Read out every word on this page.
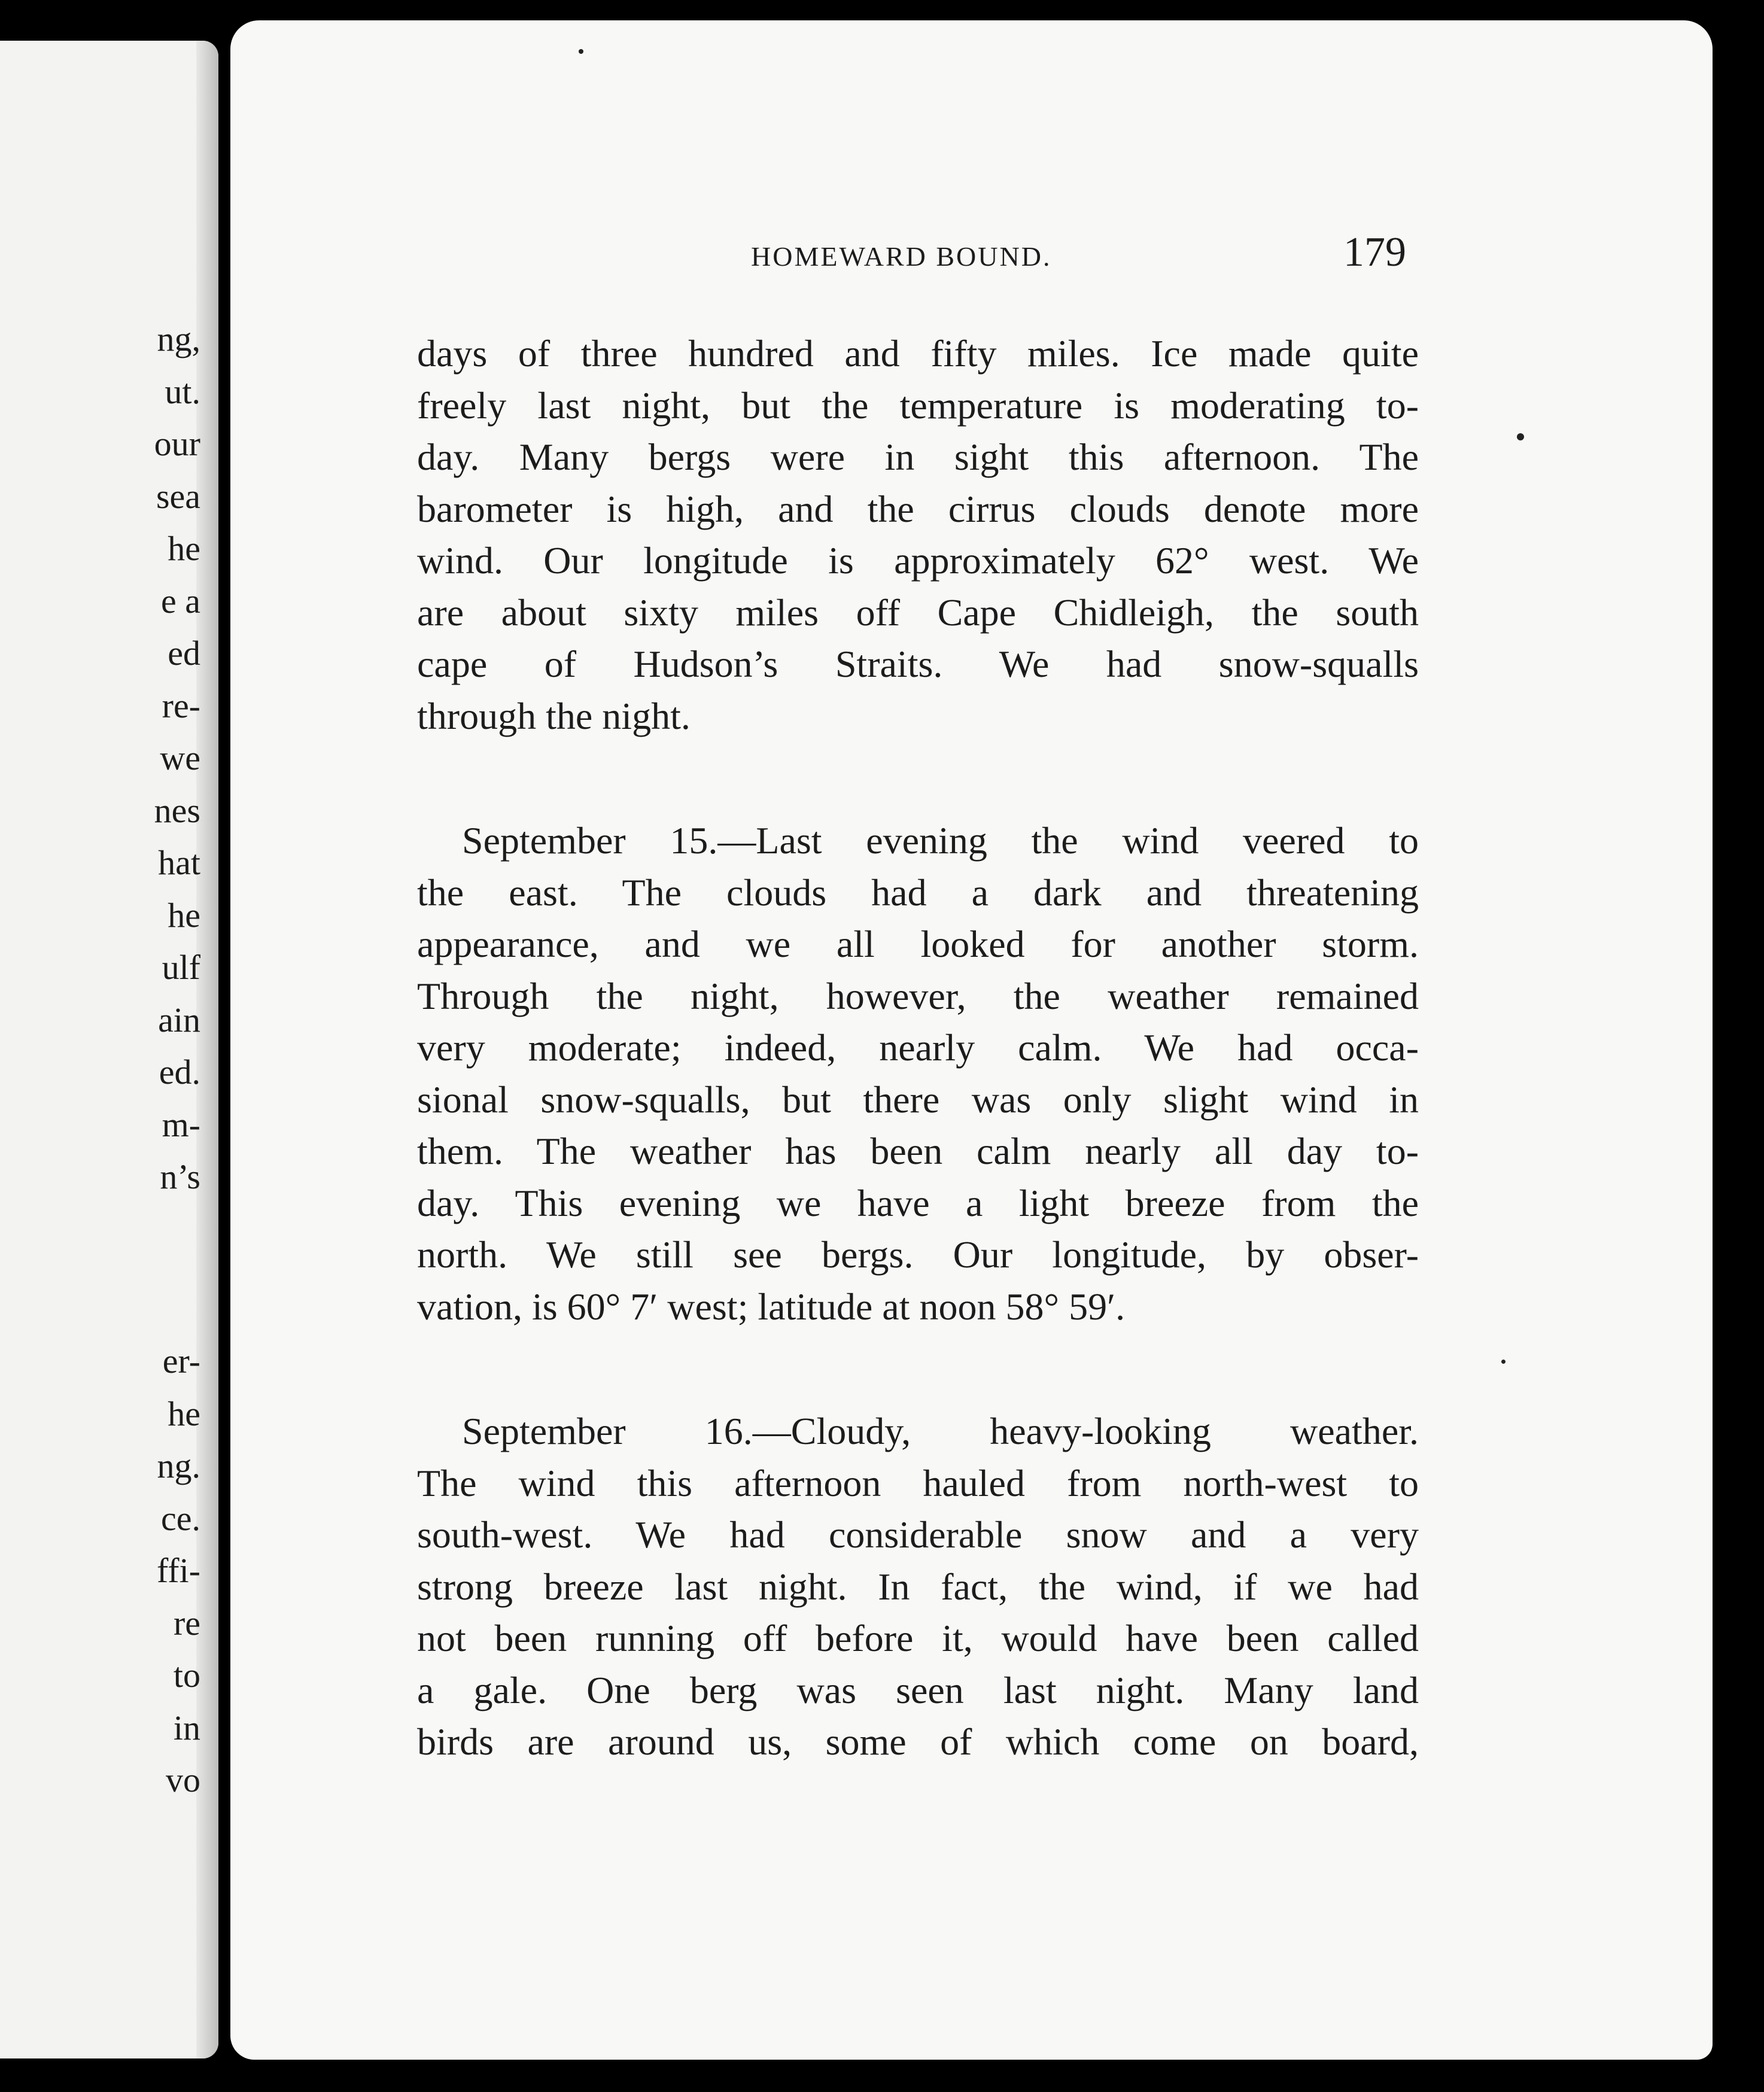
ng,
ut.
our
sea
he
e a
ed
re-
we
nes
hat
he
ulf
ain
ed.
m-
n’s
er-
he
ng.
ce.
ffi-
re
to
in
vo
HOMEWARD BOUND.	179
days of three hundred and fifty miles. Ice made quite
freely last night, but the temperature is moderating to-
day. Many bergs were in sight this afternoon. The
barometer is high, and the cirrus clouds denote more
wind. Our longitude is approximately 62° west. We
are about sixty miles off Cape Chidleigh, the south
cape of Hudson’s Straits. We had snow-squalls
through the night.
September 15.—Last evening the wind veered to
the east. The clouds had a dark and threatening
appearance, and we all looked for another storm.
Through the night, however, the weather remained
very moderate; indeed, nearly calm. We had occa-
sional snow-squalls, but there was only slight wind in
them. The weather has been calm nearly all day to-
day. This evening we have a light breeze from the
north. We still see bergs. Our longitude, by obser-
vation, is 60° 7′ west; latitude at noon 58° 59′.
September 16.—Cloudy, heavy-looking weather.
The wind this afternoon hauled from north-west to
south-west. We had considerable snow and a very
strong breeze last night. In fact, the wind, if we had
not been running off before it, would have been called
a gale. One berg was seen last night. Many land
birds are around us, some of which come on board,
